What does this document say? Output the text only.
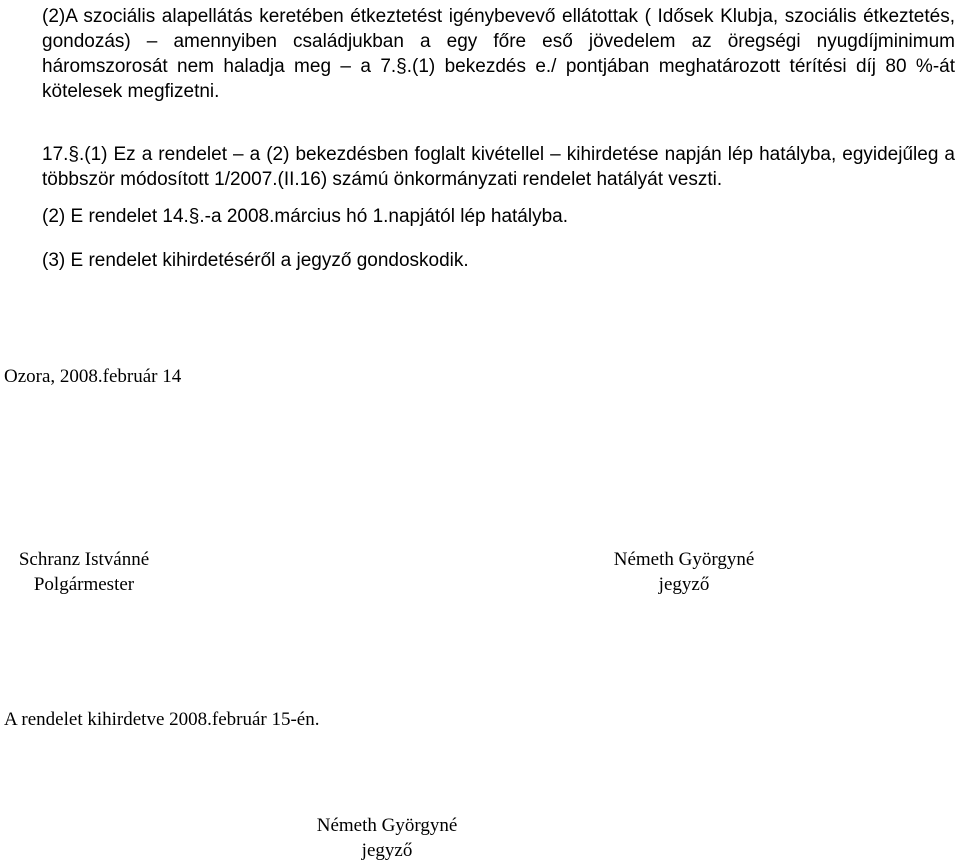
(2)A szociális alapellátás keretében étkeztetést igénybevevő ellátottak ( Idősek Klubja, szociális étkeztetés, gondozás) – amennyiben családjukban a egy főre eső jövedelem az öregségi nyugdíjminimum háromszorosát nem haladja meg – a 7.§.(1) bekezdés e./ pontjában meghatározott térítési díj 80 %-át kötelesek megfizetni.

17.§.(1) Ez a rendelet – a (2) bekezdésben foglalt kivétellel – kihirdetése napján lép hatályba, egyidejűleg a többször módosított 1/2007.(II.16) számú önkormányzati rendelet hatályát veszti.

(2) E rendelet 14.§.-a 2008.március hó 1.napjától lép hatályba.

(3) E rendelet kihirdetéséről a jegyző gondoskodik.

Ozora, 2008.február 14

Schranz Istvánné

Polgármester

Németh Györgyné

jegyző

A rendelet kihirdetve 2008.február 15-én.

Németh Györgyné

jegyző
